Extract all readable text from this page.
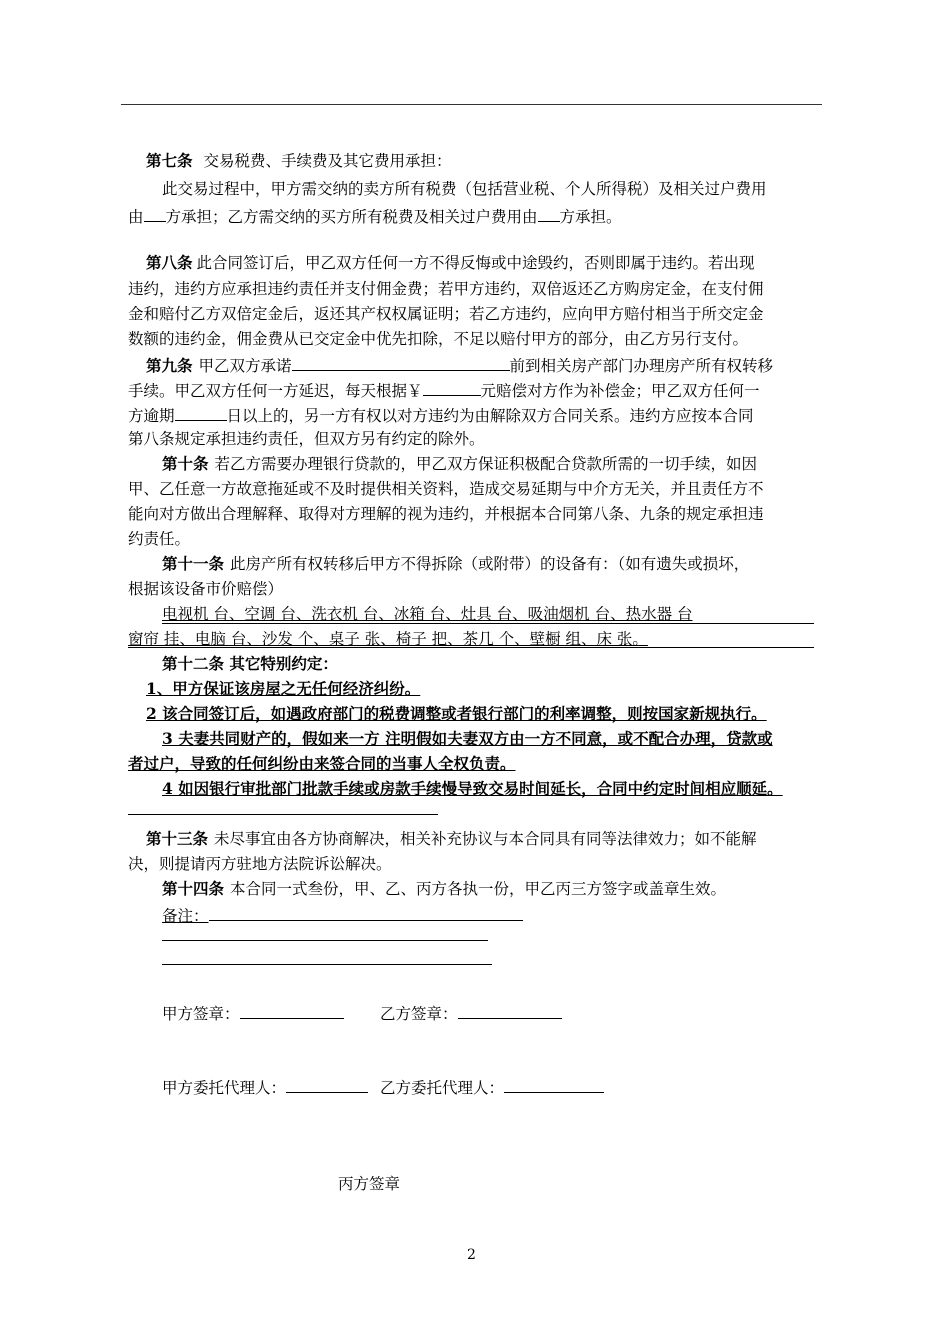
第七条 交易税费、手续费及其它费用承担：
此交易过程中，甲方需交纳的卖方所有税费（包括营业税、个人所得税）及相关过户费用
由 方承担；乙方需交纳的买方所有税费及相关过户费用由 方承担。
第八条 此合同签订后，甲乙双方任何一方不得反悔或中途毁约，否则即属于违约。若出现
违约，违约方应承担违约责任并支付佣金费；若甲方违约，双倍返还乙方购房定金，在支付佣
金和赔付乙方双倍定金后，返还其产权权属证明；若乙方违约，应向甲方赔付相当于所交定金
数额的违约金，佣金费从已交定金中优先扣除，不足以赔付甲方的部分，由乙方另行支付。
第九条 甲乙双方承诺	前到相关房产部门办理房产所有权转移
手续。甲乙双方任何一方延迟，每天根据￥	元赔偿对方作为补偿金；甲乙双方任何一
方逾期	日以上的，另一方有权以对方违约为由解除双方合同关系。违约方应按本合同
第八条规定承担违约责任，但双方另有约定的除外。
第十条 若乙方需要办理银行贷款的，甲乙双方保证积极配合贷款所需的一切手续，如因
甲、乙任意一方故意拖延或不及时提供相关资料，造成交易延期与中介方无关，并且责任方不
能向对方做出合理解释、取得对方理解的视为违约，并根据本合同第八条、九条的规定承担违
约责任。
第十一条 此房产所有权转移后甲方不得拆除（或附带）的设备有：（如有遗失或损坏，
根据该设备市价赔偿）
电视机 台、空调 台、洗衣机 台、冰箱 台、灶具 台、吸油烟机 台、热水器 台
窗帘 挂、电脑 台、沙发 个、桌子 张、椅子 把、茶几 个、壁橱 组、床 张。
第十二条 其它特别约定：
1、甲方保证该房屋之无任何经济纠纷。
2 该合同签订后，如遇政府部门的税费调整或者银行部门的利率调整，则按国家新规执行。
3 夫妻共同财产的，假如来一方 注明假如夫妻双方由一方不同意，或不配合办理，贷款或
者过户，导致的任何纠纷由来签合同的当事人全权负责。
4 如因银行审批部门批款手续或房款手续慢导致交易时间延长，合同中约定时间相应顺延。
第十三条 未尽事宜由各方协商解决，相关补充协议与本合同具有同等法律效力；如不能解
决，则提请丙方驻地方法院诉讼解决。
第十四条 本合同一式叁份，甲、乙、丙方各执一份，甲乙丙三方签字或盖章生效。
备注：
甲方签章：	乙方签章：
甲方委托代理人：	乙方委托代理人：
丙方签章
2
